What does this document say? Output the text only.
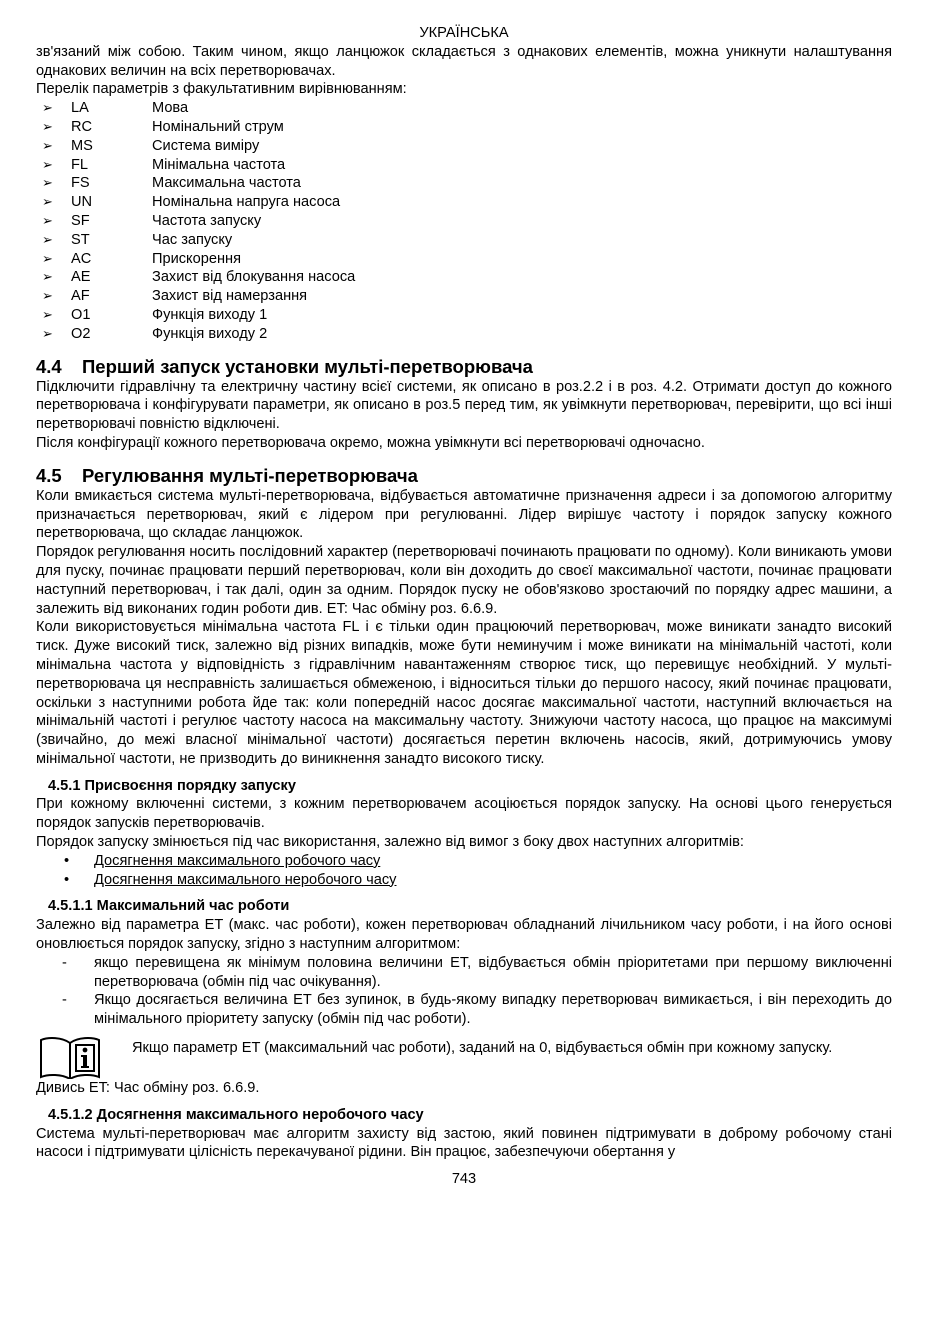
УКРАЇНСЬКА

зв'язаний між собою. Таким чином, якщо ланцюжок складається з однакових елементів, можна уникнути налаштування однакових величин на всіх перетворювачах.

Перелік параметрів з факультативним вирівнюванням:

➢	LA	Мова
➢	RC	Номінальний струм
➢	MS	Система виміру
➢	FL	Мінімальна частота
➢	FS	Максимальна частота
➢	UN	Номінальна напруга насоса
➢	SF	Частота запуску
➢	ST	Час запуску
➢	AC	Прискорення
➢	AE	Захист від блокування насоса
➢	AF	Захист від намерзання
➢	O1	Функція виходу 1
➢	O2	Функція виходу 2
4.4 Перший запуск установки мульті-перетворювача

Підключити гідравлічну та електричну частину всієї системи, як описано в роз.2.2 і в роз. 4.2. Отримати доступ до кожного перетворювача і конфігурувати параметри, як описано в роз.5 перед тим, як увімкнути перетворювач, перевірити, що всі інші перетворювачі повністю відключені.

Після конфігурації кожного перетворювача окремо, можна увімкнути всі перетворювачі одночасно.

4.5 Регулювання мульті-перетворювача

Коли вмикається система мульті-перетворювача, відбувається автоматичне призначення адреси і за допомогою алгоритму призначається перетворювач, який є лідером при регулюванні. Лідер вирішує частоту і порядок запуску кожного перетворювача, що складає ланцюжок.

Порядок регулювання носить послідовний характер (перетворювачі починають працювати по одному). Коли виникають умови для пуску, починає працювати перший перетворювач, коли він доходить до своєї максимальної частоти, починає працювати наступний перетворювач, і так далі, один за одним. Порядок пуску не обов'язково зростаючий по порядку адрес машини, а залежить від виконаних годин роботи див. ET: Час обміну роз. 6.6.9.

Коли використовується мінімальна частота FL і є тільки один працюючий перетворювач, може виникати занадто високий тиск. Дуже високий тиск, залежно від різних випадків, може бути неминучим і може виникати на мінімальній частоті, коли мінімальна частота у відповідність з гідравлічним навантаженням створює тиск, що перевищує необхідний. У мульті-перетворювача ця несправність залишається обмеженою, і відноситься тільки до першого насосу, який починає працювати, оскільки з наступними робота йде так: коли попередній насос досягає максимальної частоти, наступний включається на мінімальній частоті і регулює частоту насоса на максимальну частоту. Знижуючи частоту насоса, що працює на максимумі (звичайно, до межі власної мінімальної частоти) досягається перетин включень насосів, який, дотримуючись умову мінімальної частоти, не призводить до виникнення занадто високого тиску.

4.5.1 Присвоєння порядку запуску

При кожному включенні системи, з кожним перетворювачем асоціюється порядок запуску. На основі цього генерується порядок запусків перетворювачів.

Порядок запуску змінюється під час використання, залежно від вимог з боку двох наступних алгоритмів:

•	Досягнення максимального робочого часу
•	Досягнення максимального неробочого часу
4.5.1.1 Максимальний час роботи

Залежно від параметра ET (макс. час роботи), кожен перетворювач обладнаний лічильником часу роботи, і на його основі оновлюється порядок запуску, згідно з наступним алгоритмом:

-	якщо перевищена як мінімум половина величини ET, відбувається обмін пріоритетами при першому виключенні перетворювача (обмін під час очікування).
-	Якщо досягається величина ET без зупинок, в будь-якому випадку перетворювач вимикається, і він переходить до мінімального пріоритету запуску (обмін під час роботи).
Якщо параметр ET (максимальний час роботи), заданий на 0, відбувається обмін при кожному запуску.

Дивись ET: Час обміну роз. 6.6.9.

4.5.1.2 Досягнення максимального неробочого часу

Система мульті-перетворювач має алгоритм захисту від застою, який повинен підтримувати в доброму робочому стані насоси і підтримувати цілісність перекачуваної рідини. Він працює, забезпечуючи обертання у

743
